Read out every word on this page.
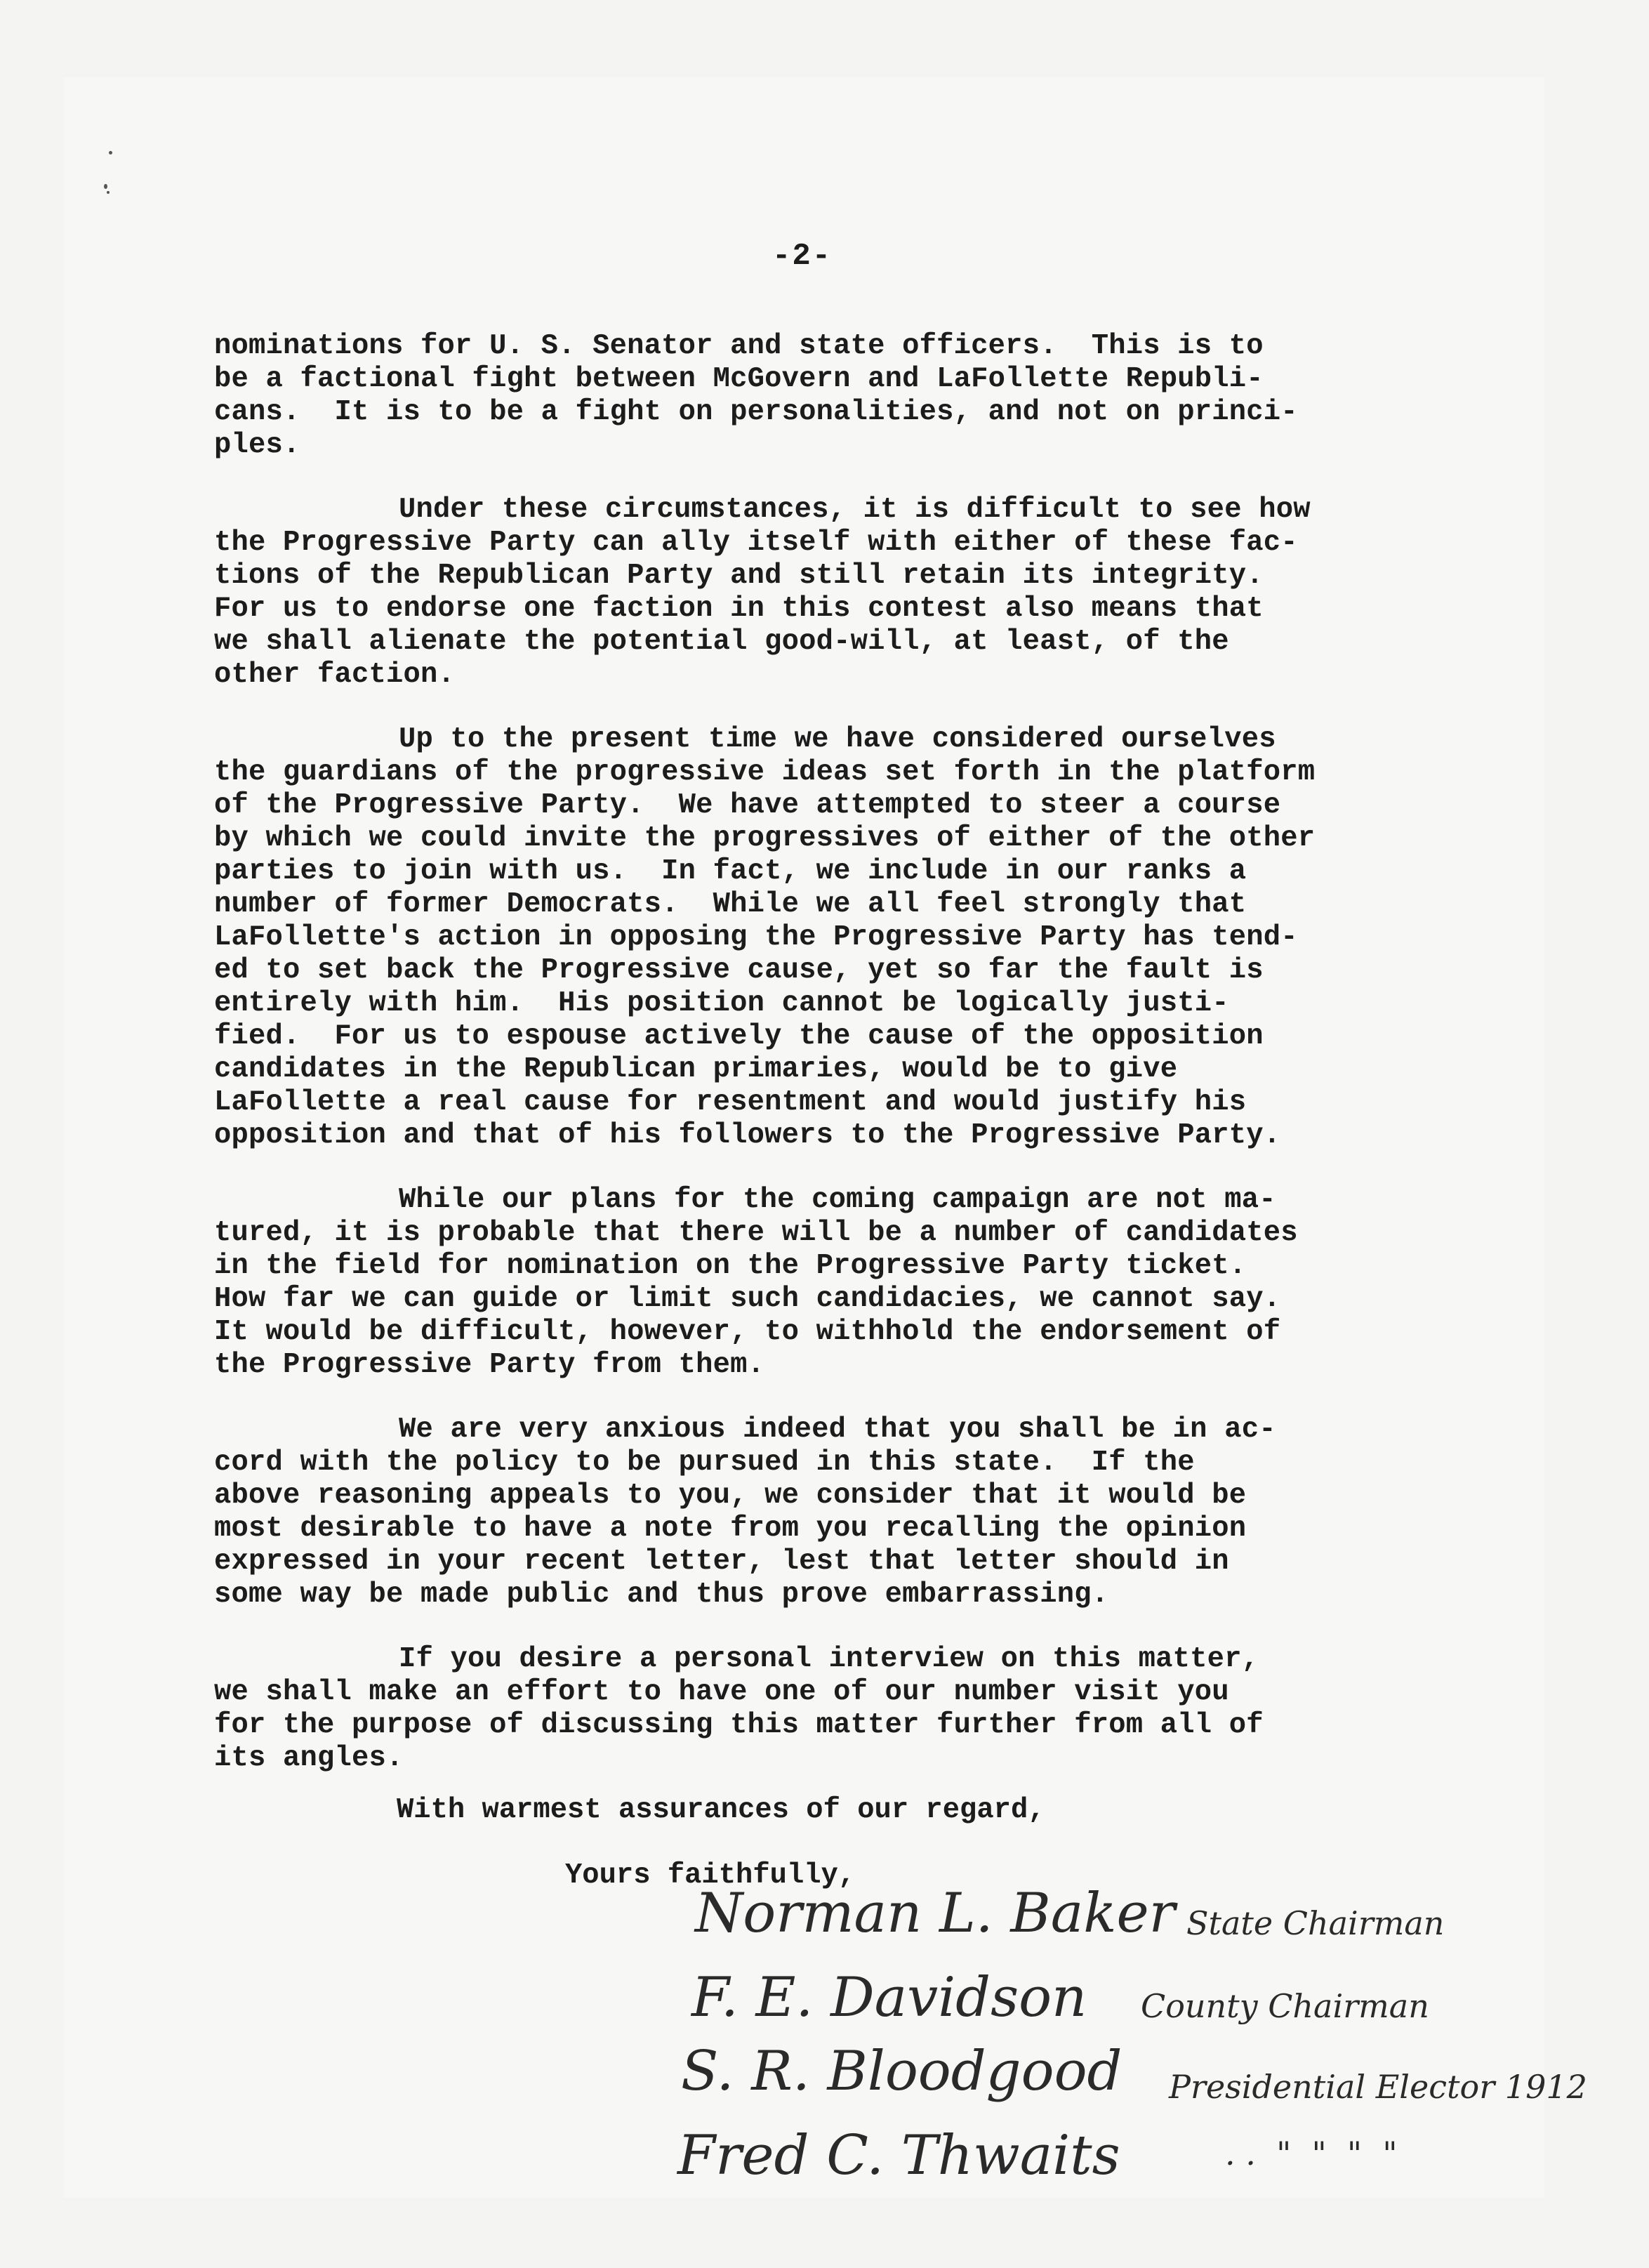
-2-
nominations for U. S. Senator and state officers.  This is to
be a factional fight between McGovern and LaFollette Republi-
cans.  It is to be a fight on personalities, and not on princi-
ples.
Under these circumstances, it is difficult to see how
the Progressive Party can ally itself with either of these fac-
tions of the Republican Party and still retain its integrity.
For us to endorse one faction in this contest also means that
we shall alienate the potential good-will, at least, of the
other faction.
Up to the present time we have considered ourselves
the guardians of the progressive ideas set forth in the platform
of the Progressive Party.  We have attempted to steer a course
by which we could invite the progressives of either of the other
parties to join with us.  In fact, we include in our ranks a
number of former Democrats.  While we all feel strongly that
LaFollette's action in opposing the Progressive Party has tend-
ed to set back the Progressive cause, yet so far the fault is
entirely with him.  His position cannot be logically justi-
fied.  For us to espouse actively the cause of the opposition
candidates in the Republican primaries, would be to give
LaFollette a real cause for resentment and would justify his
opposition and that of his followers to the Progressive Party.
While our plans for the coming campaign are not ma-
tured, it is probable that there will be a number of candidates
in the field for nomination on the Progressive Party ticket.
How far we can guide or limit such candidacies, we cannot say.
It would be difficult, however, to withhold the endorsement of
the Progressive Party from them.
We are very anxious indeed that you shall be in ac-
cord with the policy to be pursued in this state.  If the
above reasoning appeals to you, we consider that it would be
most desirable to have a note from you recalling the opinion
expressed in your recent letter, lest that letter should in
some way be made public and thus prove embarrassing.
If you desire a personal interview on this matter,
we shall make an effort to have one of our number visit you
for the purpose of discussing this matter further from all of
its angles.
With warmest assurances of our regard,
Yours faithfully,
Norman L. Baker State Chairman
F. E. Davidson County Chairman
S. R. Bloodgood Presidential Elector 1912
Fred C. Thwaits	. .  "  "  "  "
